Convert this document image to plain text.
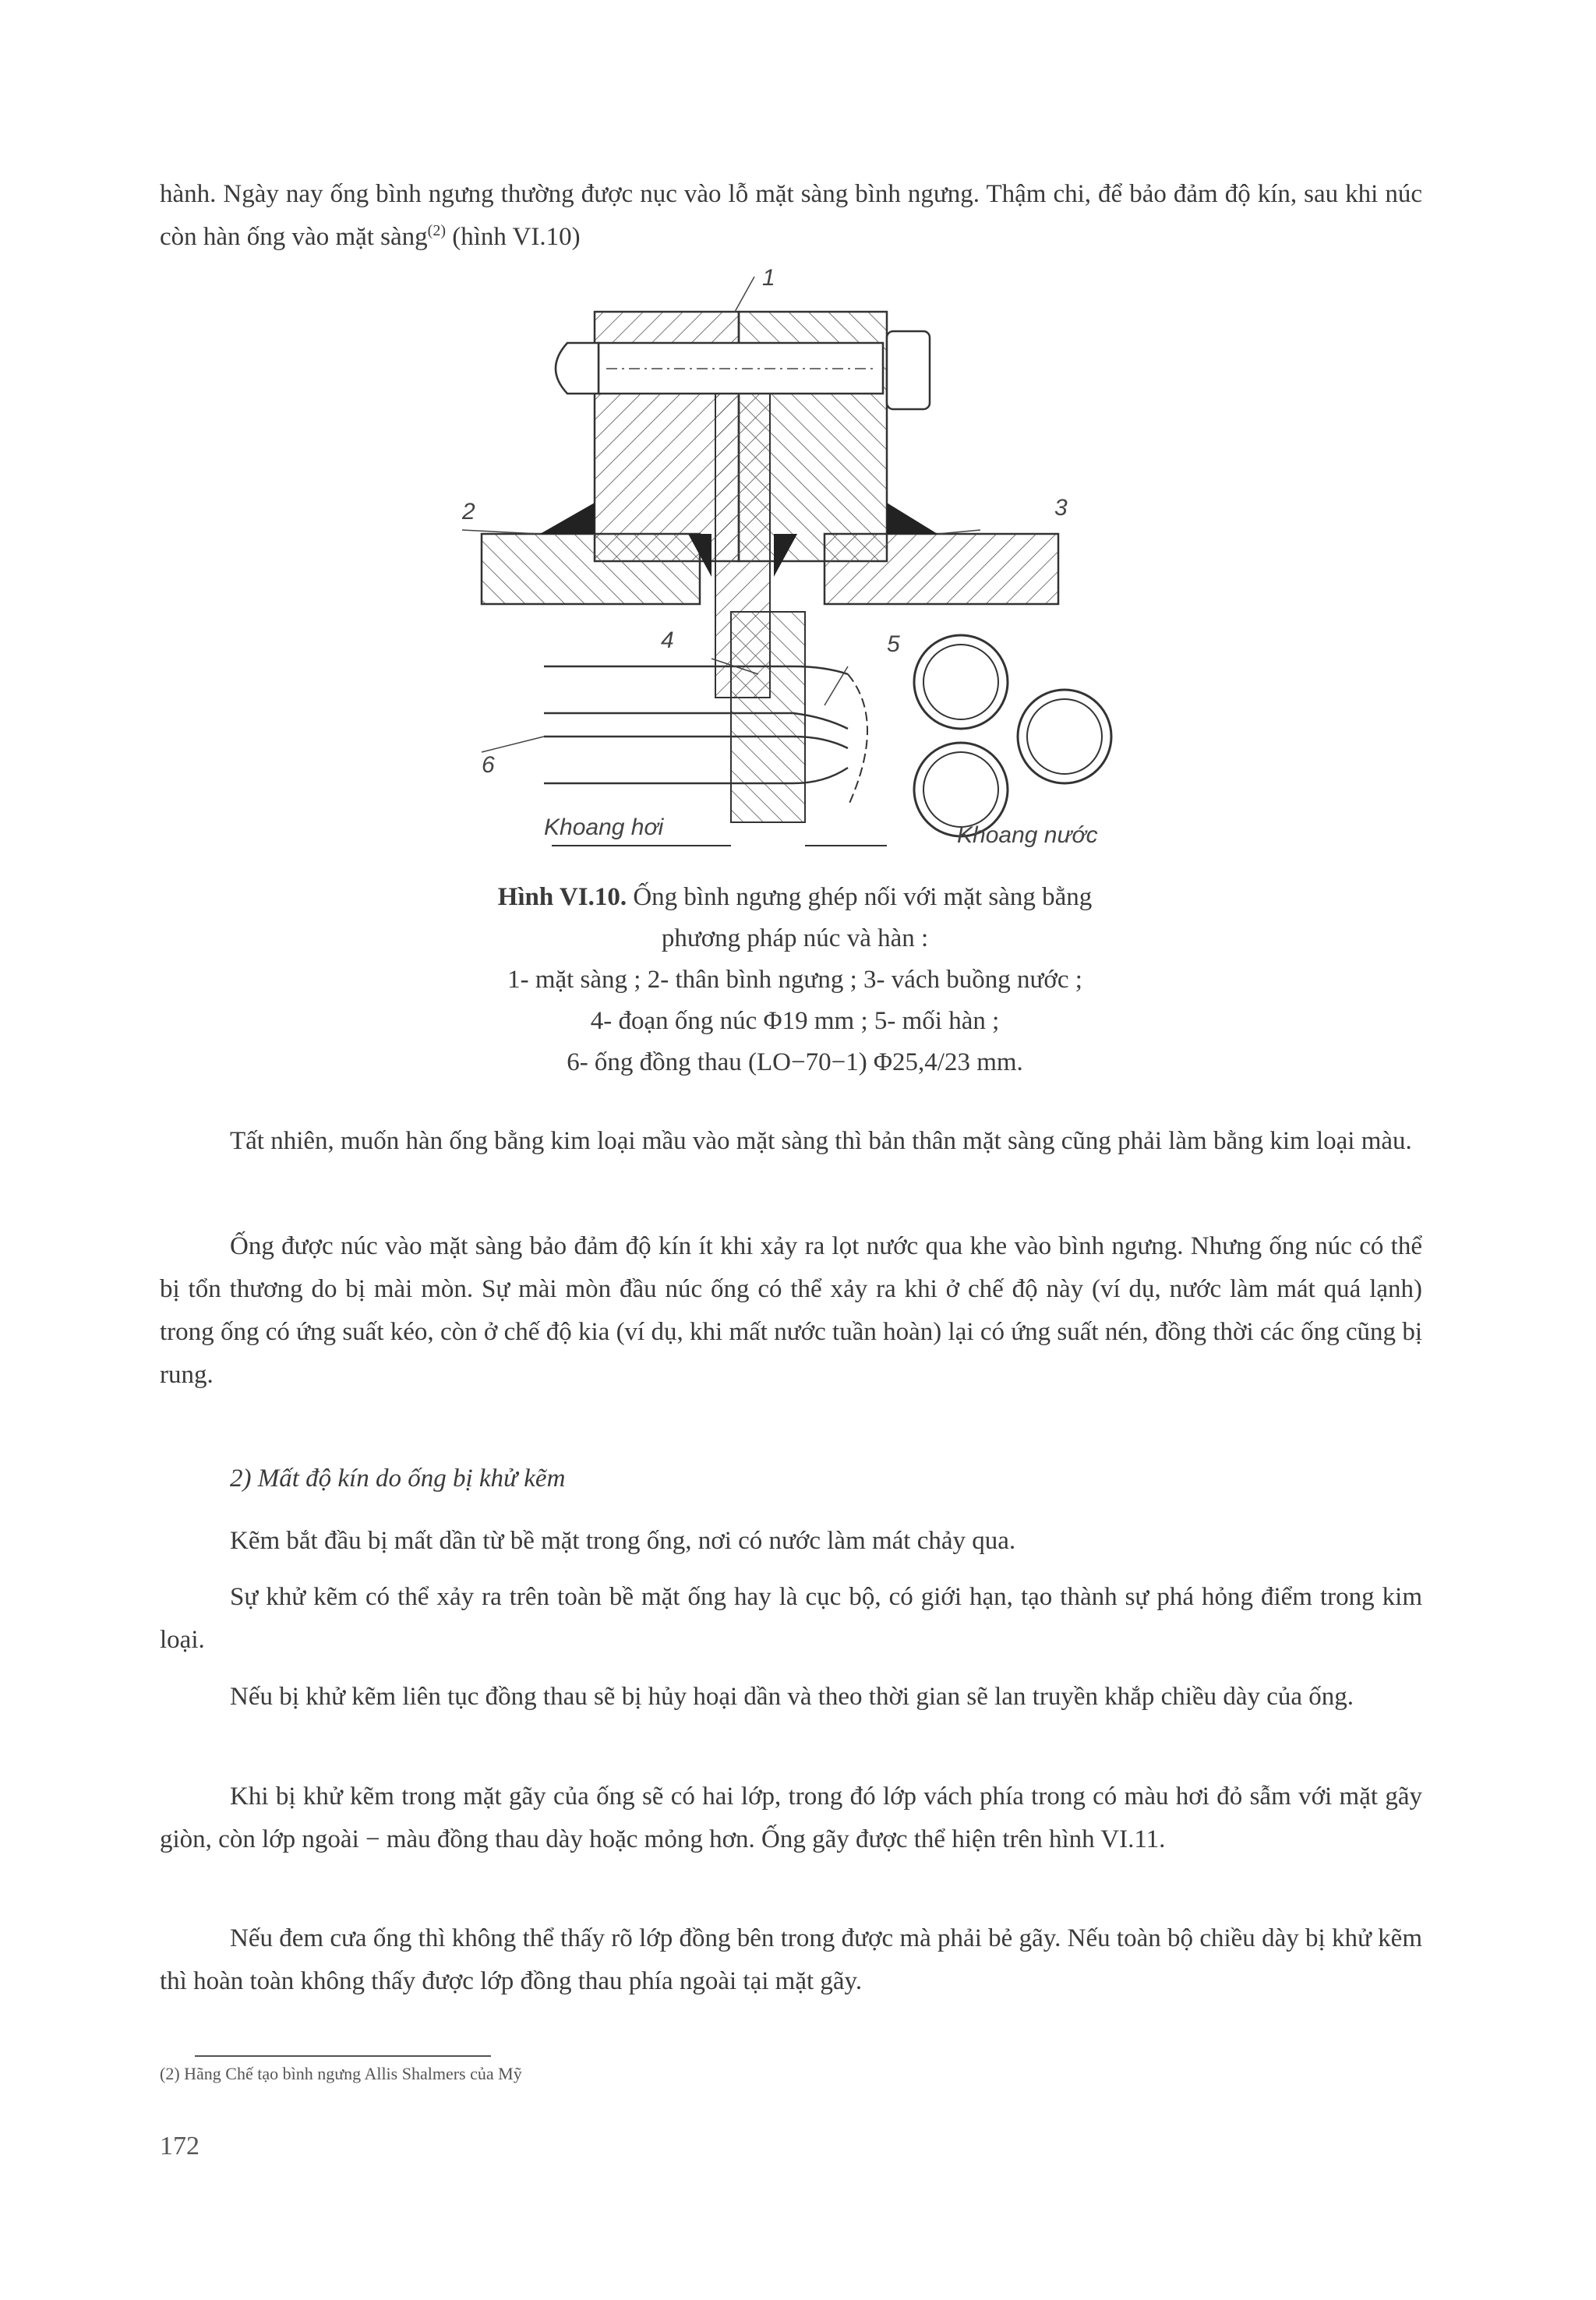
hành. Ngày nay ống bình ngưng thường được nục vào lỗ mặt sàng bình ngưng. Thậm chi, để bảo đảm độ kín, sau khi núc còn hàn ống vào mặt sàng$^{(2)}$ (hình VI.10)

1
2	3
4	5
6
Khoang hơi	Khoang nước

Hình VI.10. Ống bình ngưng ghép nối với mặt sàng bằng
phương pháp núc và hàn :
1- mặt sàng ; 2- thân bình ngưng ; 3- vách buồng nước ;
4- đoạn ống núc Φ19 mm ; 5- mối hàn ;
6- ống đồng thau (LO−70−1) Φ25,4/23 mm.

Tất nhiên, muốn hàn ống bằng kim loại mầu vào mặt sàng thì bản thân mặt sàng cũng phải làm bằng kim loại màu.

Ống được núc vào mặt sàng bảo đảm độ kín ít khi xảy ra lọt nước qua khe vào bình ngưng. Nhưng ống núc có thể bị tổn thương do bị mài mòn. Sự mài mòn đầu núc ống có thể xảy ra khi ở chế độ này (ví dụ, nước làm mát quá lạnh) trong ống có ứng suất kéo, còn ở chế độ kia (ví dụ, khi mất nước tuần hoàn) lại có ứng suất nén, đồng thời các ống cũng bị rung.

2) Mất độ kín do ống bị khử kẽm

Kẽm bắt đầu bị mất dần từ bề mặt trong ống, nơi có nước làm mát chảy qua.

Sự khử kẽm có thể xảy ra trên toàn bề mặt ống hay là cục bộ, có giới hạn, tạo thành sự phá hỏng điểm trong kim loại.

Nếu bị khử kẽm liên tục đồng thau sẽ bị hủy hoại dần và theo thời gian sẽ lan truyền khắp chiều dày của ống.

Khi bị khử kẽm trong mặt gãy của ống sẽ có hai lớp, trong đó lớp vách phía trong có màu hơi đỏ sẫm với mặt gãy giòn, còn lớp ngoài − màu đồng thau dày hoặc mỏng hơn. Ống gãy được thể hiện trên hình VI.11.

Nếu đem cưa ống thì không thể thấy rõ lớp đồng bên trong được mà phải bẻ gãy. Nếu toàn bộ chiều dày bị khử kẽm thì hoàn toàn không thấy được lớp đồng thau phía ngoài tại mặt gãy.

(2) Hãng Chế tạo bình ngưng Allis Shalmers của Mỹ
172
